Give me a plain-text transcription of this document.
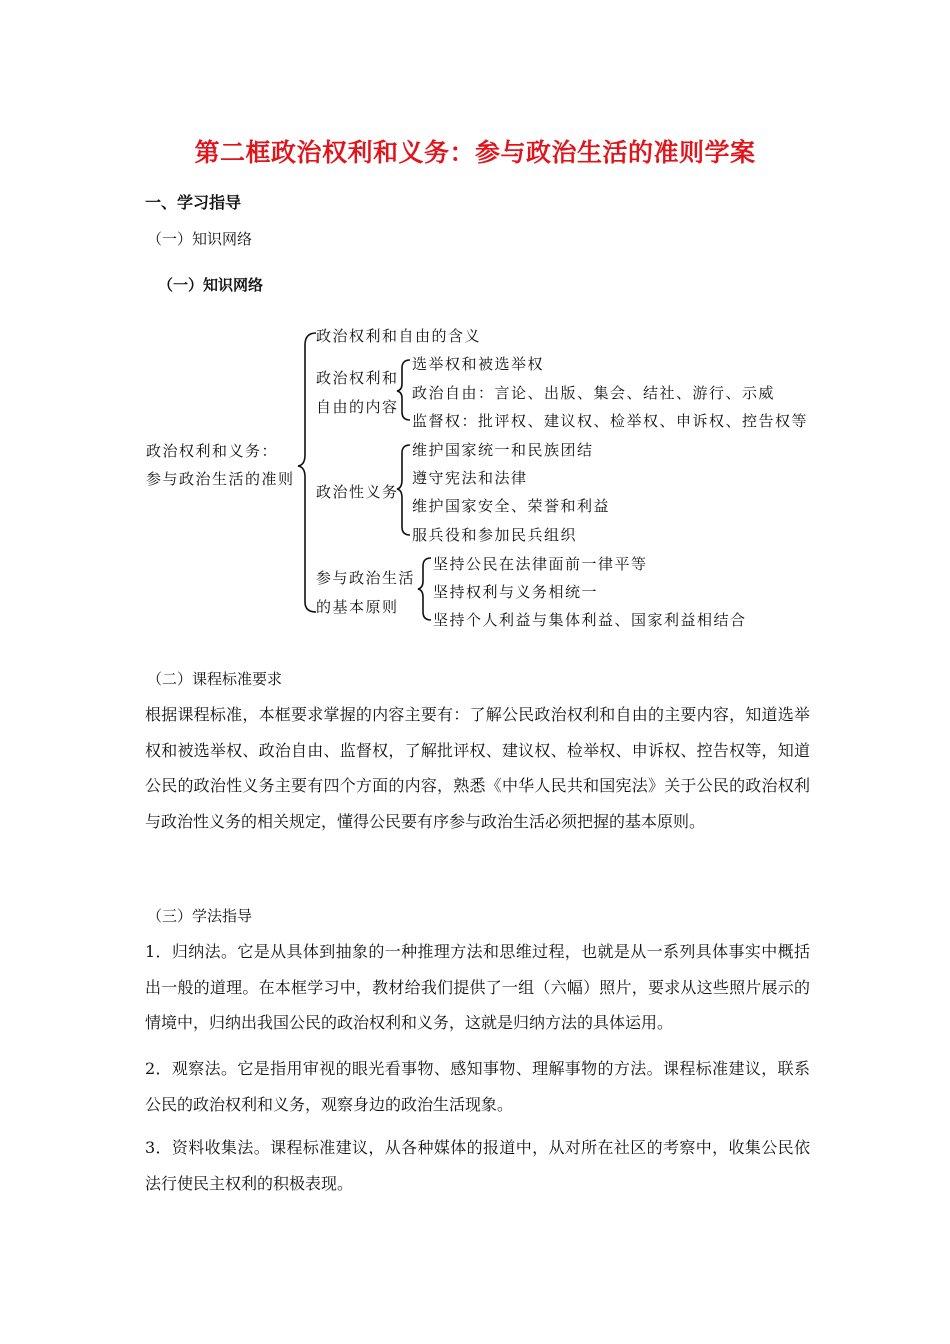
第二框政治权利和义务：参与政治生活的准则学案
一、学习指导
（一）知识网络
（一）知识网络
政治权利和义务：
参与政治生活的准则
政治权利和自由的含义
政治权利和
自由的内容
选举权和被选举权
政治自由：言论、出版、集会、结社、游行、示威
监督权：批评权、建议权、检举权、申诉权、控告权等
政治性义务
维护国家统一和民族团结
遵守宪法和法律
维护国家安全、荣誉和利益
服兵役和参加民兵组织
参与政治生活
的基本原则
坚持公民在法律面前一律平等
坚持权利与义务相统一
坚持个人利益与集体利益、国家利益相结合
（二）课程标准要求
根据课程标准，本框要求掌握的内容主要有：了解公民政治权利和自由的主要内容，知道选举权和被选举权、政治自由、监督权，了解批评权、建议权、检举权、申诉权、控告权等，知道公民的政治性义务主要有四个方面的内容，熟悉《中华人民共和国宪法》关于公民的政治权利与政治性义务的相关规定，懂得公民要有序参与政治生活必须把握的基本原则。
（三）学法指导
1．归纳法。它是从具体到抽象的一种推理方法和思维过程，也就是从一系列具体事实中概括出一般的道理。在本框学习中，教材给我们提供了一组（六幅）照片，要求从这些照片展示的情境中，归纳出我国公民的政治权利和义务，这就是归纳方法的具体运用。
2．观察法。它是指用审视的眼光看事物、感知事物、理解事物的方法。课程标准建议，联系公民的政治权利和义务，观察身边的政治生活现象。
3．资料收集法。课程标准建议，从各种媒体的报道中，从对所在社区的考察中，收集公民依法行使民主权利的积极表现。
